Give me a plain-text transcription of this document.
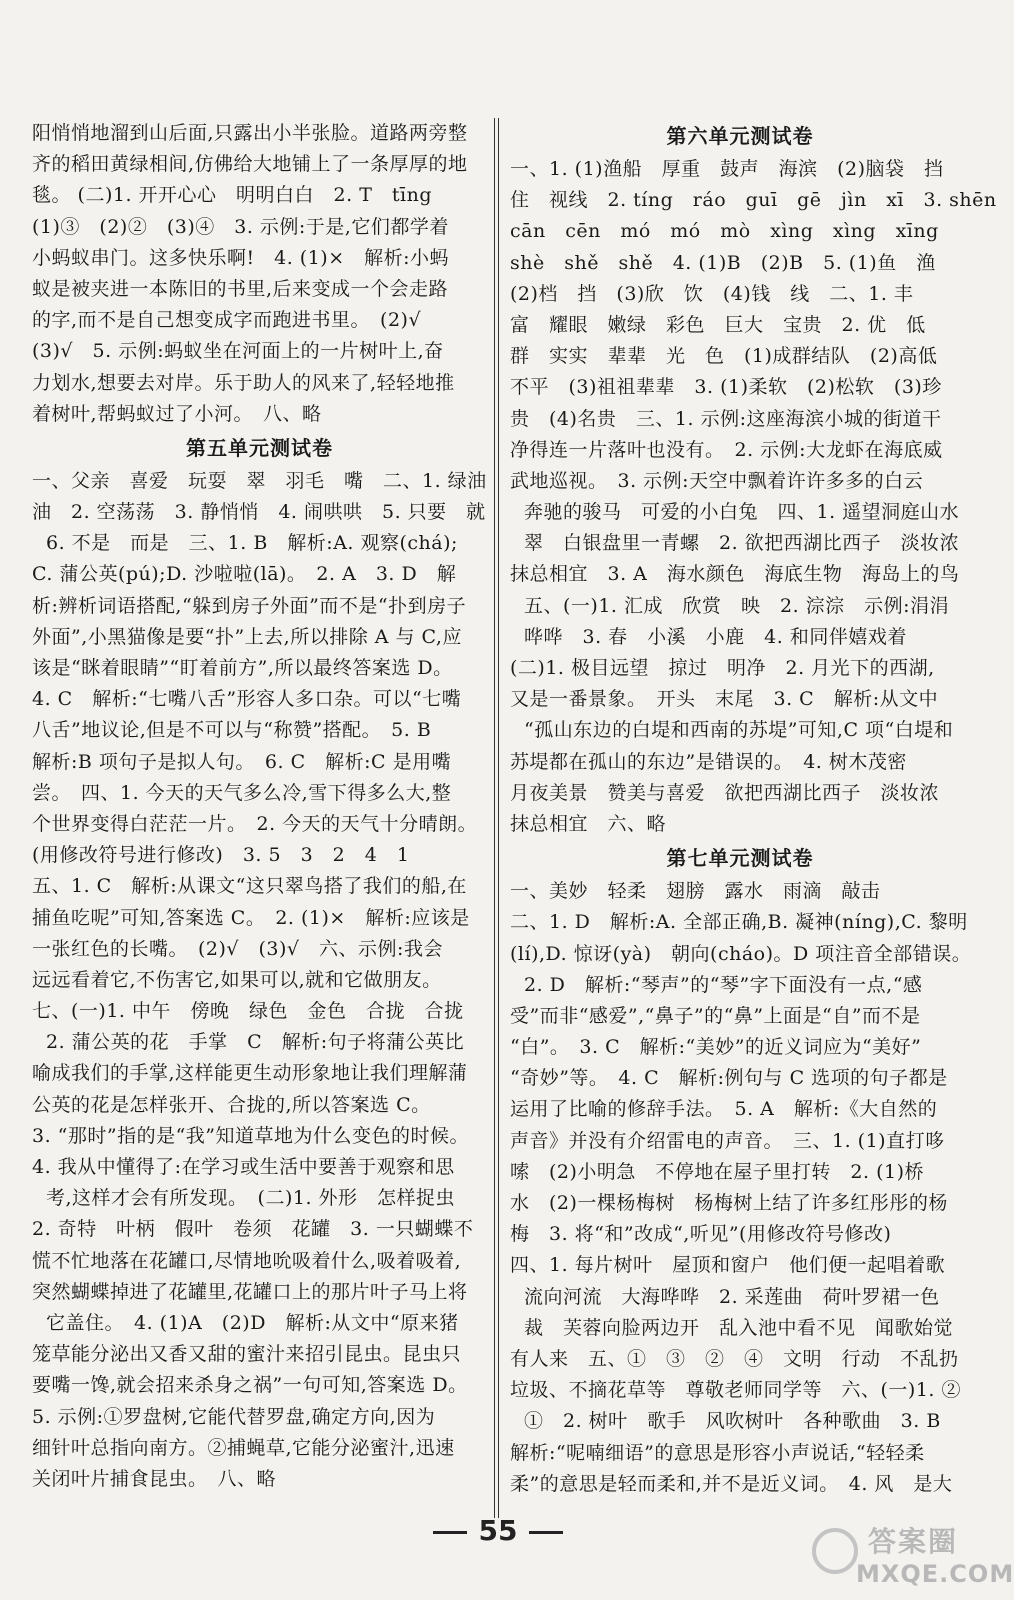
阳悄悄地溜到山后面,只露出小半张脸。道路两旁整
齐的稻田黄绿相间,仿佛给大地铺上了一条厚厚的地
毯。 (二)1. 开开心心　明明白白　2. T　tīng
(1)③　(2)②　(3)④　3. 示例:于是,它们都学着
小蚂蚁串门。这多快乐啊!　4. (1)×　解析:小蚂
蚁是被夹进一本陈旧的书里,后来变成一个会走路
的字,而不是自己想变成字而跑进书里。　(2)√
(3)√　5. 示例:蚂蚁坐在河面上的一片树叶上,奋
力划水,想要去对岸。乐于助人的风来了,轻轻地推
着树叶,帮蚂蚁过了小河。　八、略
第五单元测试卷
一、父亲　喜爱　玩耍　翠　羽毛　嘴　二、1. 绿油
油　2. 空荡荡　3. 静悄悄　4. 闹哄哄　5. 只要　就
6. 不是　而是　三、1. B　解析:A. 观察(chá);
C. 蒲公英(pú);D. 沙啦啦(lā)。　2. A　3. D　解
析:辨析词语搭配,“躲到房子外面”而不是“扑到房子
外面”,小黑猫像是要“扑”上去,所以排除 A 与 C,应
该是“眯着眼睛”“盯着前方”,所以最终答案选 D。
4. C　解析:“七嘴八舌”形容人多口杂。可以“七嘴
八舌”地议论,但是不可以与“称赞”搭配。　5. B
解析:B 项句子是拟人句。　6. C　解析:C 是用嘴
尝。　四、1. 今天的天气多么冷,雪下得多么大,整
个世界变得白茫茫一片。　2. 今天的天气十分晴朗。
(用修改符号进行修改)　3. 5　3　2　4　1
五、1. C　解析:从课文“这只翠鸟搭了我们的船,在
捕鱼吃呢”可知,答案选 C。　2. (1)×　解析:应该是
一张红色的长嘴。　(2)√　(3)√　六、示例:我会
远远看着它,不伤害它,如果可以,就和它做朋友。
七、(一)1. 中午　傍晚　绿色　金色　合拢　合拢
2. 蒲公英的花　手掌　C　解析:句子将蒲公英比
喻成我们的手掌,这样能更生动形象地让我们理解蒲
公英的花是怎样张开、合拢的,所以答案选 C。
3. “那时”指的是“我”知道草地为什么变色的时候。
4. 我从中懂得了:在学习或生活中要善于观察和思
考,这样才会有所发现。　(二)1. 外形　怎样捉虫
2. 奇特　叶柄　假叶　卷须　花罐　3. 一只蝴蝶不
慌不忙地落在花罐口,尽情地吮吸着什么,吸着吸着,
突然蝴蝶掉进了花罐里,花罐口上的那片叶子马上将
它盖住。　4. (1)A　(2)D　解析:从文中“原来猪
笼草能分泌出又香又甜的蜜汁来招引昆虫。昆虫只
要嘴一馋,就会招来杀身之祸”一句可知,答案选 D。
5. 示例:①罗盘树,它能代替罗盘,确定方向,因为
细针叶总指向南方。②捕蝇草,它能分泌蜜汁,迅速
关闭叶片捕食昆虫。　八、略
第六单元测试卷
一、1. (1)渔船　厚重　鼓声　海滨　(2)脑袋　挡
住　视线　2. tíng　ráo　guī　gē　jìn　xī　3. shēn
cān　cēn　mó　mó　mò　xìng　xìng　xīng
shè　shě　shě　4. (1)B　(2)B　5. (1)鱼　渔
(2)档　挡　(3)欣　饮　(4)钱　线　二、1. 丰
富　耀眼　嫩绿　彩色　巨大　宝贵　2. 优　低
群　实实　辈辈　光　色　(1)成群结队　(2)高低
不平　(3)祖祖辈辈　3. (1)柔软　(2)松软　(3)珍
贵　(4)名贵　三、1. 示例:这座海滨小城的街道干
净得连一片落叶也没有。　2. 示例:大龙虾在海底威
武地巡视。　3. 示例:天空中飘着许许多多的白云
奔驰的骏马　可爱的小白兔　四、1. 遥望洞庭山水
翠　白银盘里一青螺　2. 欲把西湖比西子　淡妆浓
抹总相宜　3. A　海水颜色　海底生物　海岛上的鸟
五、(一)1. 汇成　欣赏　映　2. 淙淙　示例:涓涓
哗哗　3. 春　小溪　小鹿　4. 和同伴嬉戏着
(二)1. 极目远望　掠过　明净　2. 月光下的西湖,
又是一番景象。　开头　末尾　3. C　解析:从文中
“孤山东边的白堤和西南的苏堤”可知,C 项“白堤和
苏堤都在孤山的东边”是错误的。　4. 树木茂密
月夜美景　赞美与喜爱　欲把西湖比西子　淡妆浓
抹总相宜　六、略
第七单元测试卷
一、美妙　轻柔　翅膀　露水　雨滴　敲击
二、1. D　解析:A. 全部正确,B. 凝神(níng),C. 黎明
(lí),D. 惊讶(yà)　朝向(cháo)。D 项注音全部错误。
2. D　解析:“琴声”的“琴”字下面没有一点,“感
受”而非“感爱”,“鼻子”的“鼻”上面是“自”而不是
“白”。　3. C　解析:“美妙”的近义词应为“美好”
“奇妙”等。　4. C　解析:例句与 C 选项的句子都是
运用了比喻的修辞手法。　5. A　解析:《大自然的
声音》并没有介绍雷电的声音。　三、1. (1)直打哆
嗦　(2)小明急　不停地在屋子里打转　2. (1)桥
水　(2)一棵杨梅树　杨梅树上结了许多红彤彤的杨
梅　3. 将“和”改成“,听见”(用修改符号修改)
四、1. 每片树叶　屋顶和窗户　他们便一起唱着歌
流向河流　大海哗哗　2. 采莲曲　荷叶罗裙一色
裁　芙蓉向脸两边开　乱入池中看不见　闻歌始觉
有人来　五、①　③　②　④　文明　行动　不乱扔
垃圾、不摘花草等　尊敬老师同学等　六、(一)1. ②
①　2. 树叶　歌手　风吹树叶　各种歌曲　3. B
解析:“呢喃细语”的意思是形容小声说话,“轻轻柔
柔”的意思是轻而柔和,并不是近义词。　4. 风　是大
55	答案圈
MXQE.COM
